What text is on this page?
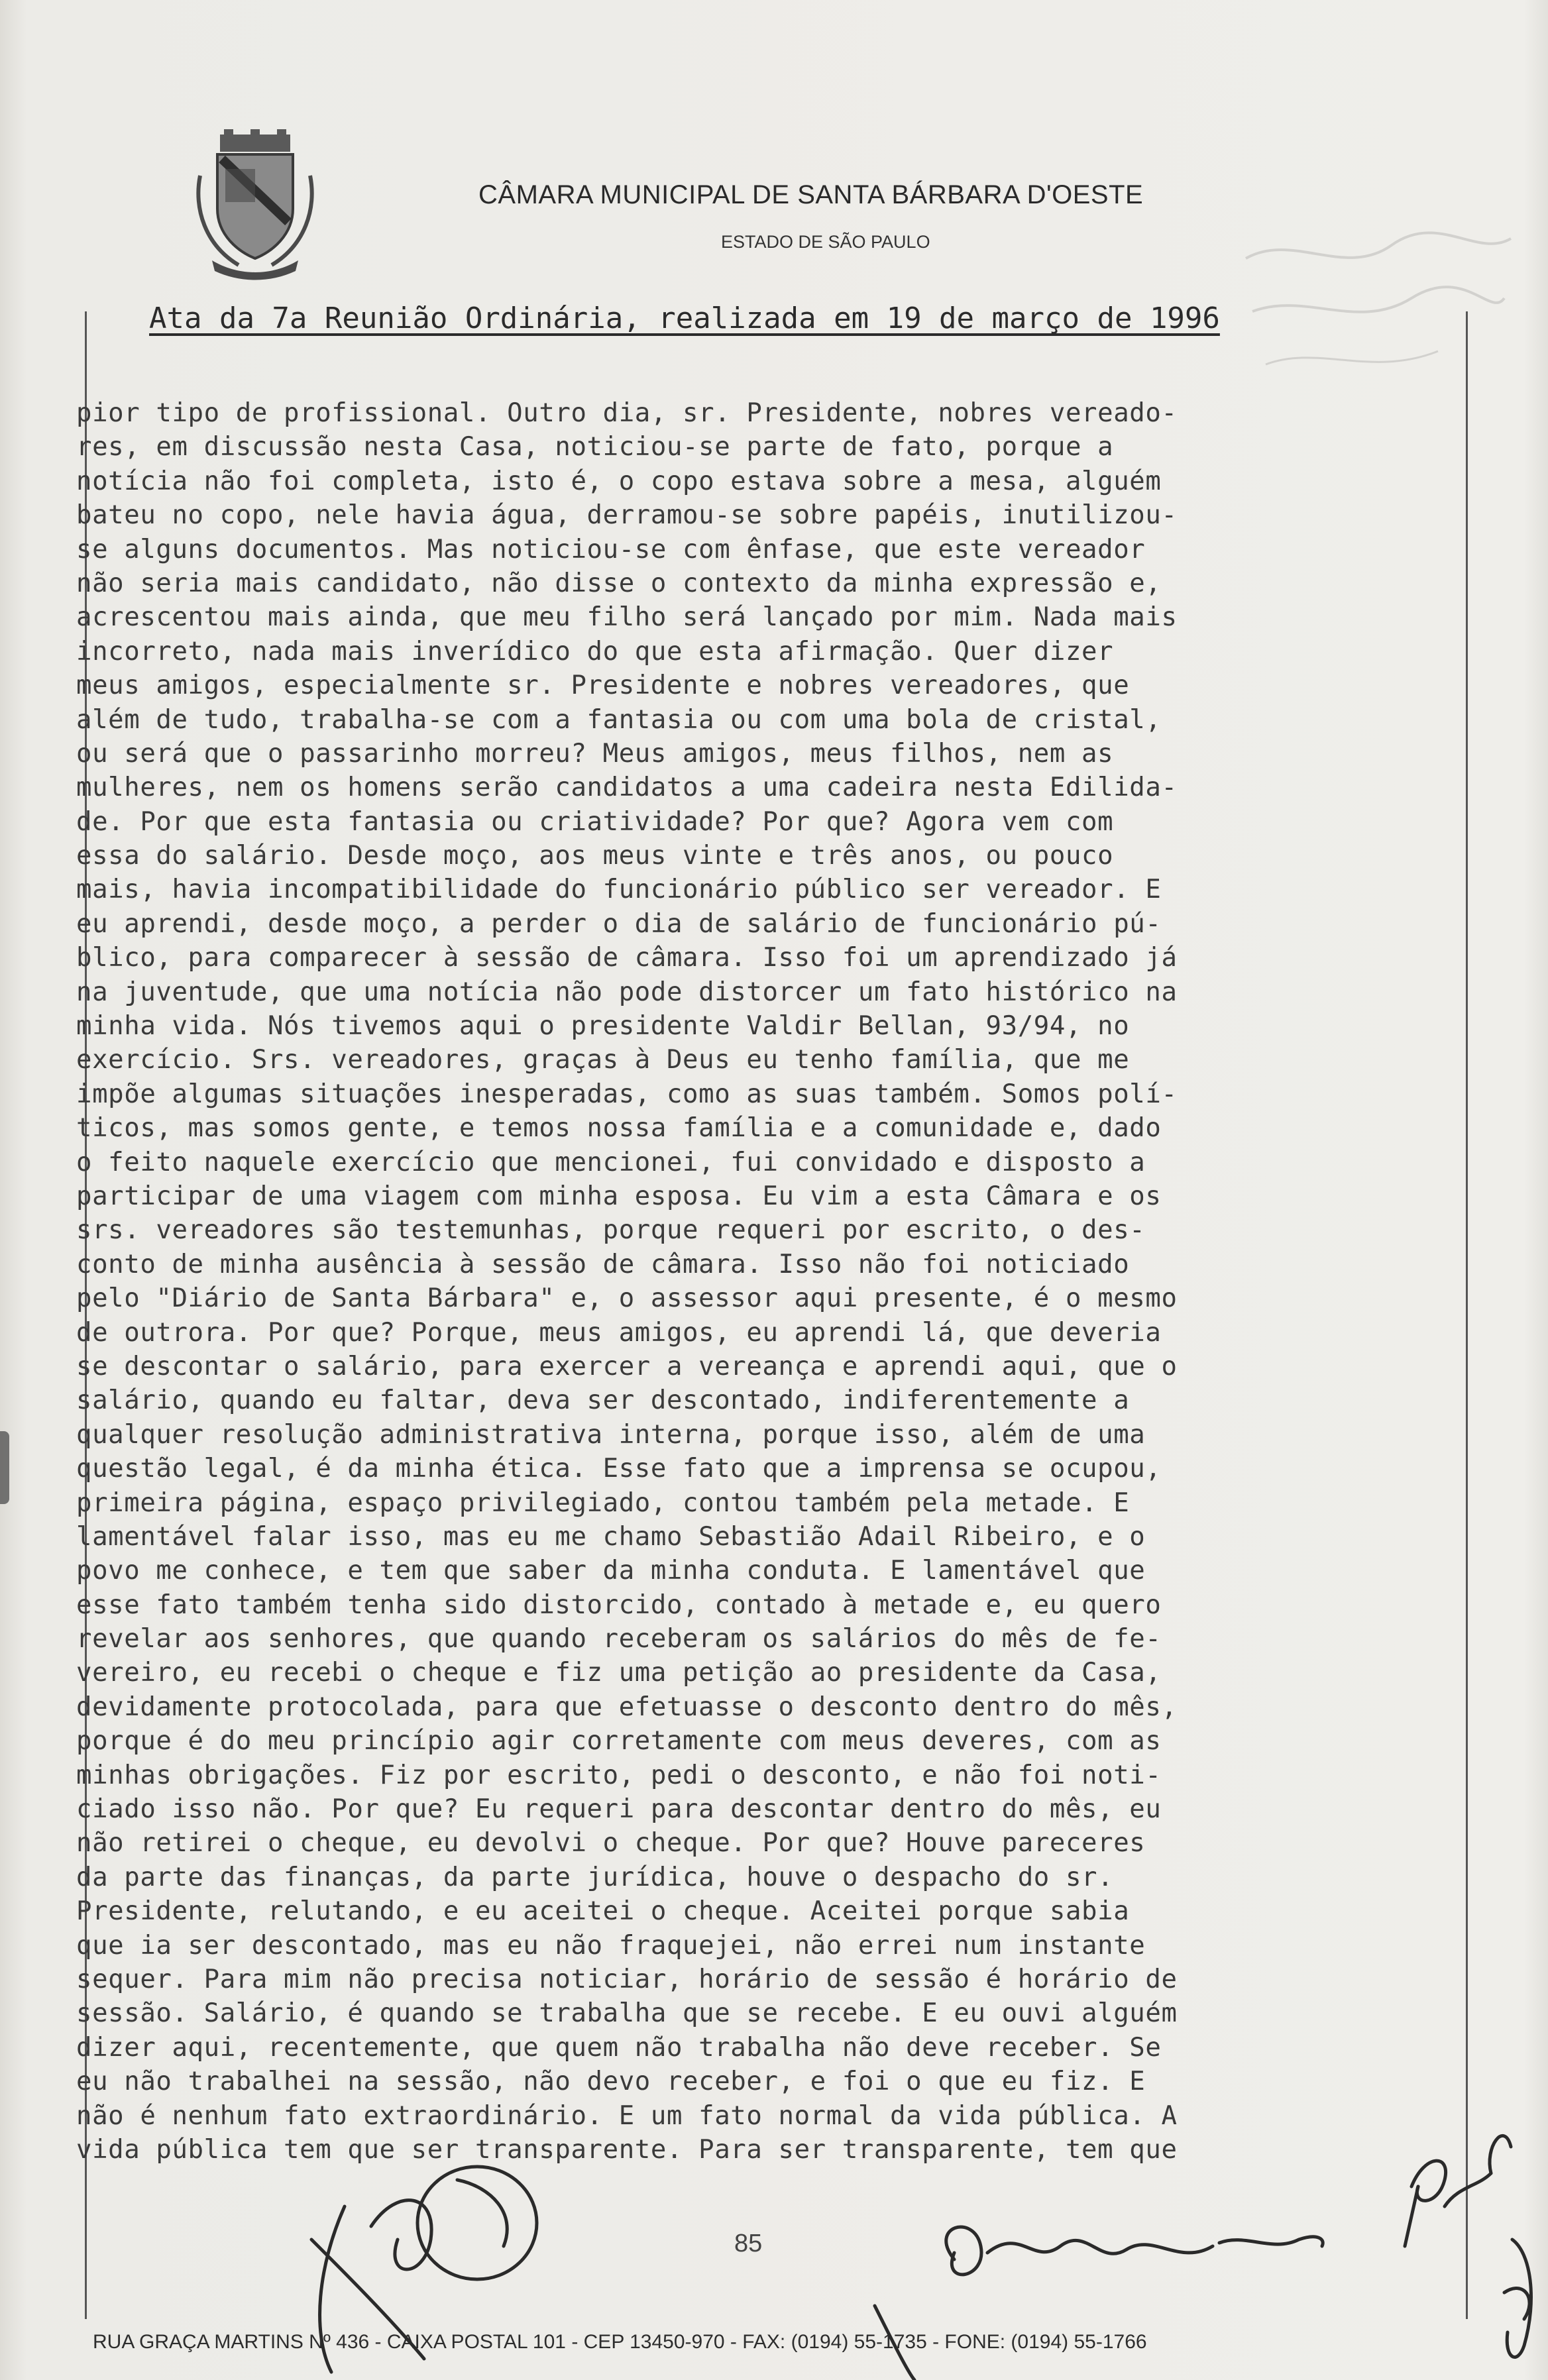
CÂMARA MUNICIPAL DE SANTA BÁRBARA D'OESTE
ESTADO DE SÃO PAULO
Ata da 7a Reunião Ordinária, realizada em 19 de março de 1996
pior tipo de profissional. Outro dia, sr. Presidente, nobres vereado-
res, em discussão nesta Casa, noticiou-se parte de fato, porque a
notícia não foi completa, isto é, o copo estava sobre a mesa, alguém
bateu no copo, nele havia água, derramou-se sobre papéis, inutilizou-
se alguns documentos. Mas noticiou-se com ênfase, que este vereador
não seria mais candidato, não disse o contexto da minha expressão e,
acrescentou mais ainda, que meu filho será lançado por mim. Nada mais
incorreto, nada mais inverídico do que esta afirmação. Quer dizer
meus amigos, especialmente sr. Presidente e nobres vereadores, que
além de tudo, trabalha-se com a fantasia ou com uma bola de cristal,
ou será que o passarinho morreu? Meus amigos, meus filhos, nem as
mulheres, nem os homens serão candidatos a uma cadeira nesta Edilida-
de. Por que esta fantasia ou criatividade? Por que? Agora vem com
essa do salário. Desde moço, aos meus vinte e três anos, ou pouco
mais, havia incompatibilidade do funcionário público ser vereador. E
eu aprendi, desde moço, a perder o dia de salário de funcionário pú-
blico, para comparecer à sessão de câmara. Isso foi um aprendizado já
na juventude, que uma notícia não pode distorcer um fato histórico na
minha vida. Nós tivemos aqui o presidente Valdir Bellan, 93/94, no
exercício. Srs. vereadores, graças à Deus eu tenho família, que me
impõe algumas situações inesperadas, como as suas também. Somos polí-
ticos, mas somos gente, e temos nossa família e a comunidade e, dado
o feito naquele exercício que mencionei, fui convidado e disposto a
participar de uma viagem com minha esposa. Eu vim a esta Câmara e os
srs. vereadores são testemunhas, porque requeri por escrito, o des-
conto de minha ausência à sessão de câmara. Isso não foi noticiado
pelo "Diário de Santa Bárbara" e, o assessor aqui presente, é o mesmo
de outrora. Por que? Porque, meus amigos, eu aprendi lá, que deveria
se descontar o salário, para exercer a vereança e aprendi aqui, que o
salário, quando eu faltar, deva ser descontado, indiferentemente a
qualquer resolução administrativa interna, porque isso, além de uma
questão legal, é da minha ética. Esse fato que a imprensa se ocupou,
primeira página, espaço privilegiado, contou também pela metade. E
lamentável falar isso, mas eu me chamo Sebastião Adail Ribeiro, e o
povo me conhece, e tem que saber da minha conduta. E lamentável que
esse fato também tenha sido distorcido, contado à metade e, eu quero
revelar aos senhores, que quando receberam os salários do mês de fe-
vereiro, eu recebi o cheque e fiz uma petição ao presidente da Casa,
devidamente protocolada, para que efetuasse o desconto dentro do mês,
porque é do meu princípio agir corretamente com meus deveres, com as
minhas obrigações. Fiz por escrito, pedi o desconto, e não foi noti-
ciado isso não. Por que? Eu requeri para descontar dentro do mês, eu
não retirei o cheque, eu devolvi o cheque. Por que? Houve pareceres
da parte das finanças, da parte jurídica, houve o despacho do sr.
Presidente, relutando, e eu aceitei o cheque. Aceitei porque sabia
que ia ser descontado, mas eu não fraquejei, não errei num instante
sequer. Para mim não precisa noticiar, horário de sessão é horário de
sessão. Salário, é quando se trabalha que se recebe. E eu ouvi alguém
dizer aqui, recentemente, que quem não trabalha não deve receber. Se
eu não trabalhei na sessão, não devo receber, e foi o que eu fiz. E
não é nenhum fato extraordinário. E um fato normal da vida pública. A
vida pública tem que ser transparente. Para ser transparente, tem que
85
RUA GRAÇA MARTINS Nº 436 - CAIXA POSTAL 101 - CEP 13450-970 - FAX: (0194) 55-1735 - FONE: (0194) 55-1766
